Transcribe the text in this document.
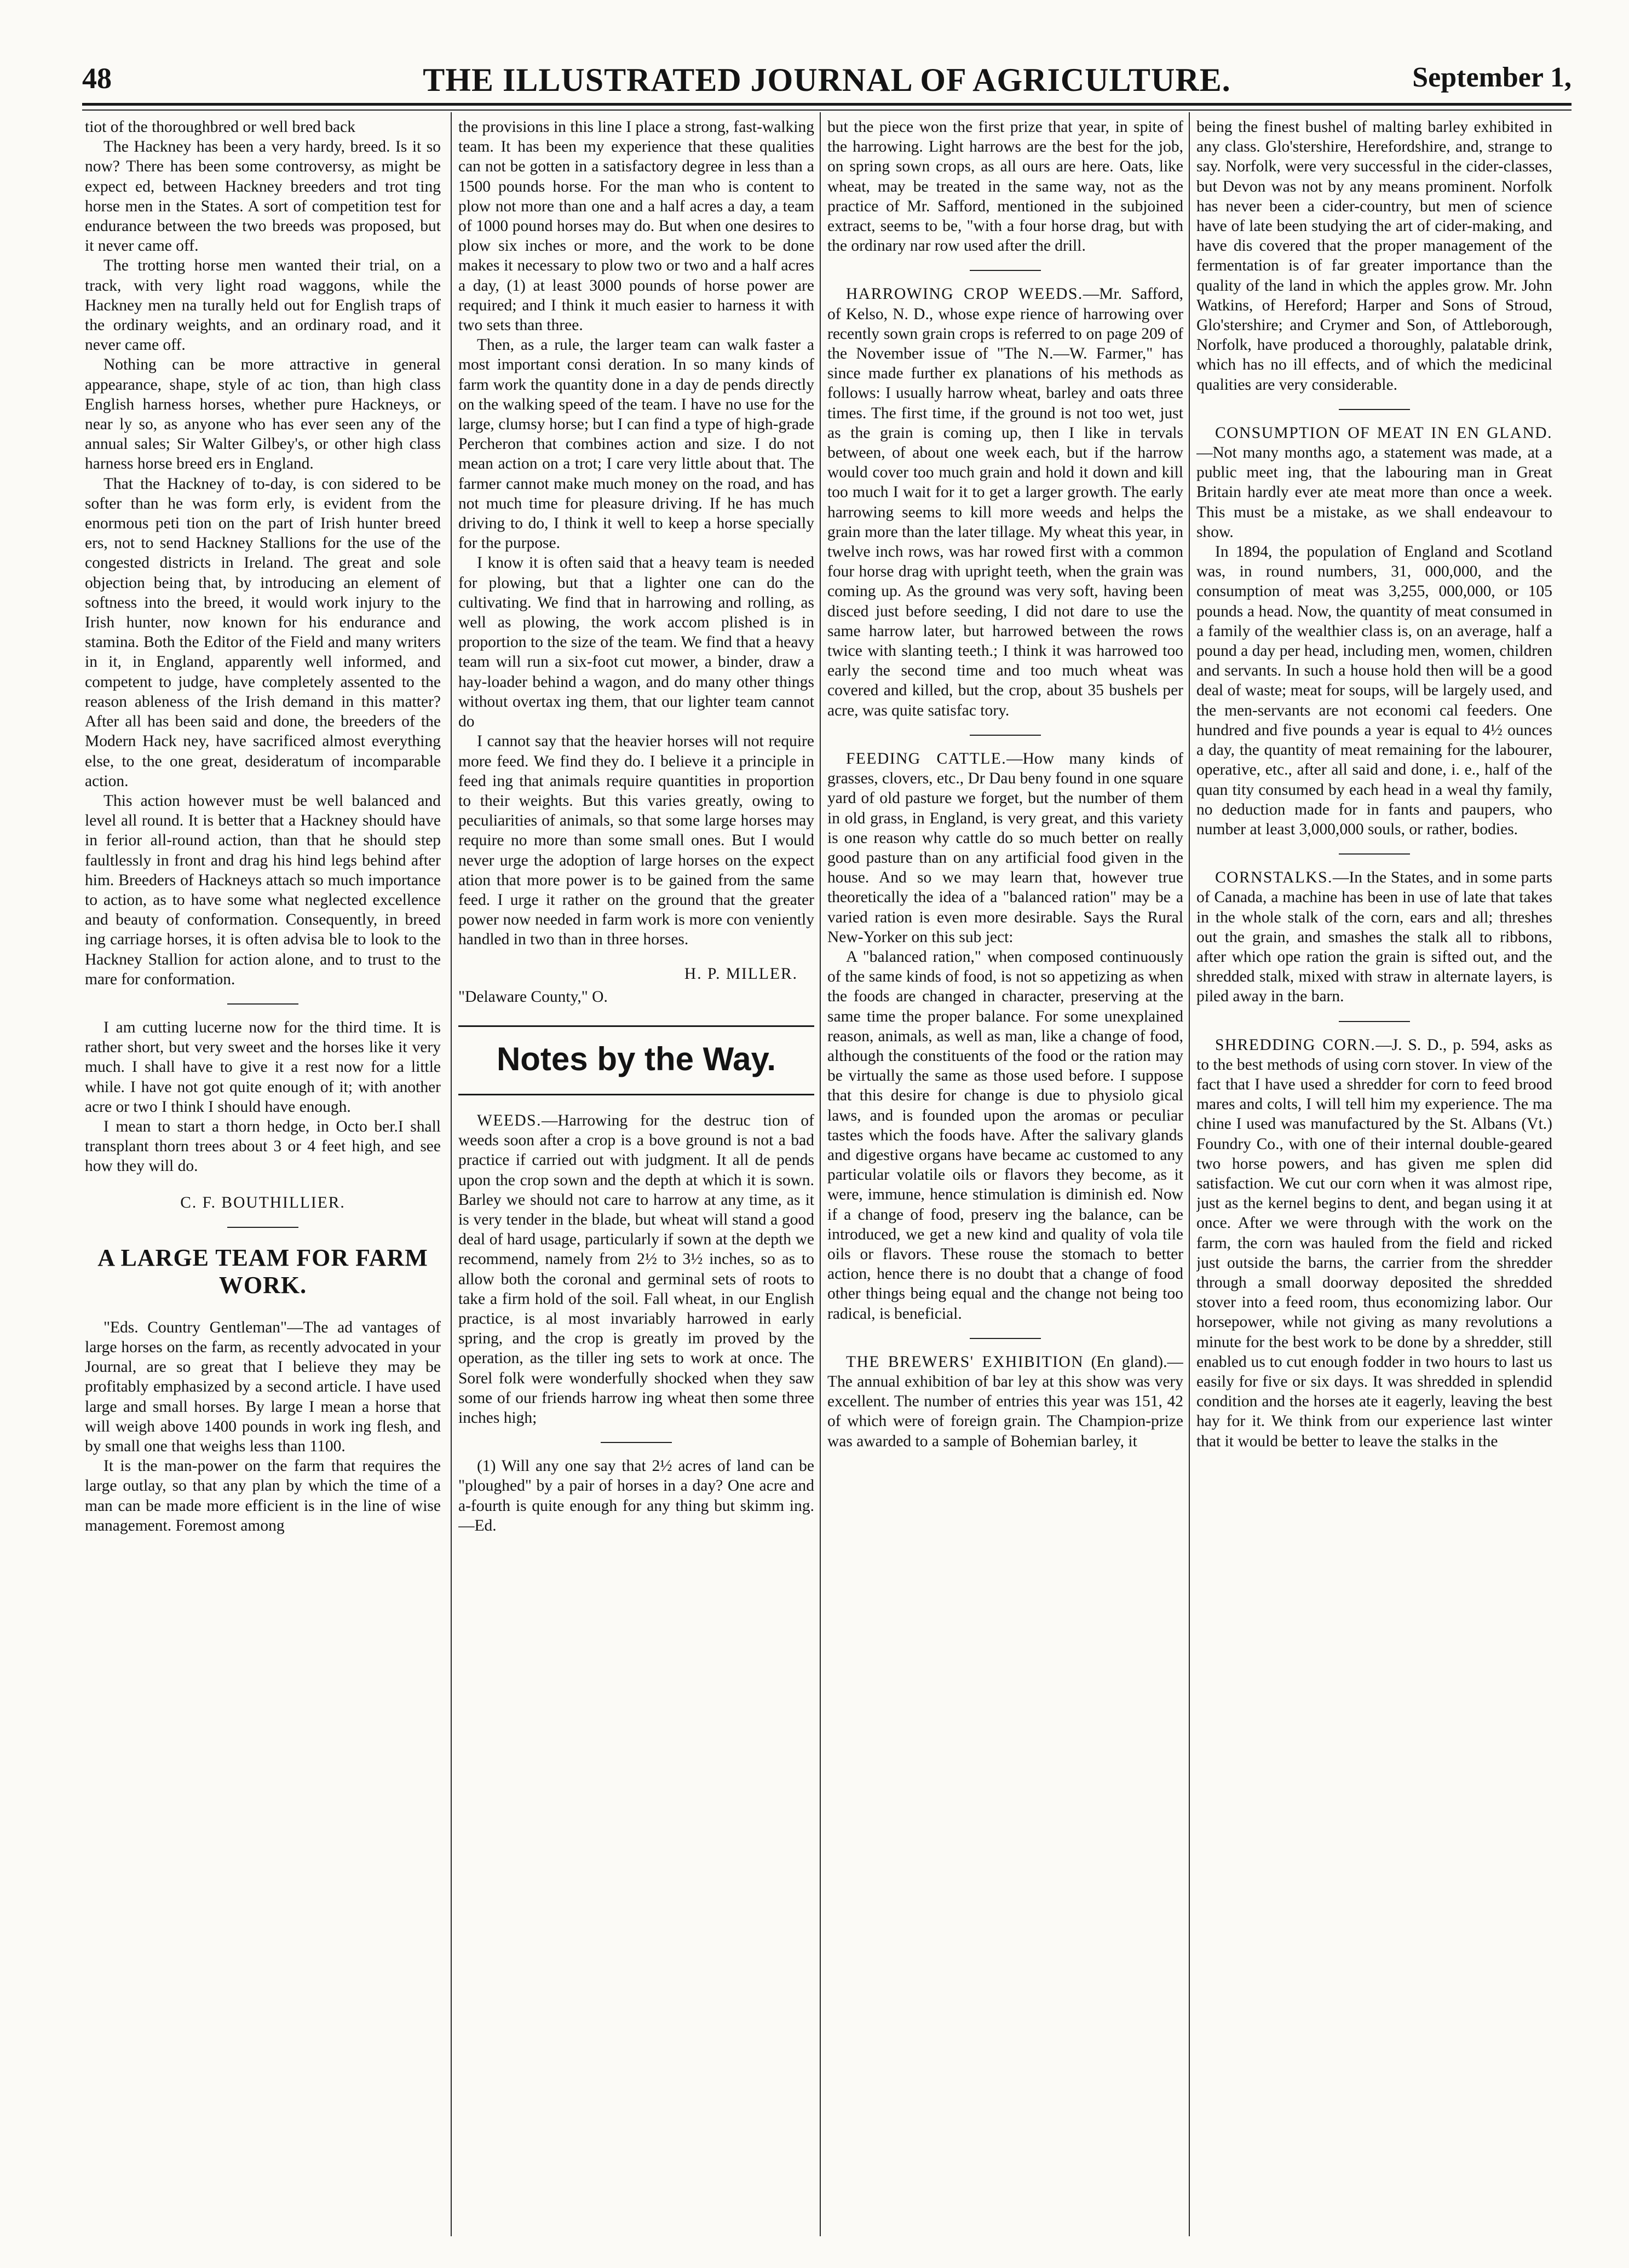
48	THE ILLUSTRATED JOURNAL OF AGRICULTURE.	September 1,

tiot of the thoroughbred or well bred back

The Hackney has been a very hardy, breed. Is it so now? There has been some controversy, as might be expect ed, between Hackney breeders and trot ting horse men in the States. A sort of competition test for endurance between the two breeds was proposed, but it never came off.

The trotting horse men wanted their trial, on a track, with very light road waggons, while the Hackney men na turally held out for English traps of the ordinary weights, and an ordinary road, and it never came off.

Nothing can be more attractive in general appearance, shape, style of ac tion, than high class English harness horses, whether pure Hackneys, or near ly so, as anyone who has ever seen any of the annual sales; Sir Walter Gilbey's, or other high class harness horse breed ers in England.

That the Hackney of to-day, is con sidered to be softer than he was form erly, is evident from the enormous peti tion on the part of Irish hunter breed ers, not to send Hackney Stallions for the use of the congested districts in Ireland. The great and sole objection being that, by introducing an element of softness into the breed, it would work injury to the Irish hunter, now known for his endurance and stamina. Both the Editor of the Field and many writers in it, in England, apparently well informed, and competent to judge, have completely assented to the reason ableness of the Irish demand in this matter? After all has been said and done, the breeders of the Modern Hack ney, have sacrificed almost everything else, to the one great, desideratum of incomparable action.

This action however must be well balanced and level all round. It is better that a Hackney should have in ferior all-round action, than that he should step faultlessly in front and drag his hind legs behind after him. Breeders of Hackneys attach so much importance to action, as to have some what neglected excellence and beauty of conformation. Consequently, in breed ing carriage horses, it is often advisa ble to look to the Hackney Stallion for action alone, and to trust to the mare for conformation.

I am cutting lucerne now for the third time. It is rather short, but very sweet and the horses like it very much. I shall have to give it a rest now for a little while. I have not got quite enough of it; with another acre or two I think I should have enough.

I mean to start a thorn hedge, in Octo ber.I shall transplant thorn trees about 3 or 4 feet high, and see how they will do.

C. F. BOUTHILLIER.
A LARGE TEAM FOR FARM WORK.

"Eds. Country Gentleman"—The ad vantages of large horses on the farm, as recently advocated in your Journal, are so great that I believe they may be profitably emphasized by a second article. I have used large and small horses. By large I mean a horse that will weigh above 1400 pounds in work ing flesh, and by small one that weighs less than 1100.

It is the man-power on the farm that requires the large outlay, so that any plan by which the time of a man can be made more efficient is in the line of wise management. Foremost among

the provisions in this line I place a strong, fast-walking team. It has been my experience that these qualities can not be gotten in a satisfactory degree in less than a 1500 pounds horse. For the man who is content to plow not more than one and a half acres a day, a team of 1000 pound horses may do. But when one desires to plow six inches or more, and the work to be done makes it necessary to plow two or two and a half acres a day, (1) at least 3000 pounds of horse power are required; and I think it much easier to harness it with two sets than three.

Then, as a rule, the larger team can walk faster a most important consi deration. In so many kinds of farm work the quantity done in a day de pends directly on the walking speed of the team. I have no use for the large, clumsy horse; but I can find a type of high-grade Percheron that combines action and size. I do not mean action on a trot; I care very little about that. The farmer cannot make much money on the road, and has not much time for pleasure driving. If he has much driving to do, I think it well to keep a horse specially for the purpose.

I know it is often said that a heavy team is needed for plowing, but that a lighter one can do the cultivating. We find that in harrowing and rolling, as well as plowing, the work accom plished is in proportion to the size of the team. We find that a heavy team will run a six-foot cut mower, a binder, draw a hay-loader behind a wagon, and do many other things without overtax ing them, that our lighter team cannot do

I cannot say that the heavier horses will not require more feed. We find they do. I believe it a principle in feed ing that animals require quantities in proportion to their weights. But this varies greatly, owing to peculiarities of animals, so that some large horses may require no more than some small ones. But I would never urge the adoption of large horses on the expect ation that more power is to be gained from the same feed. I urge it rather on the ground that the greater power now needed in farm work is more con veniently handled in two than in three horses.

H. P. MILLER.
"Delaware County," O.
Notes by the Way.

WEEDS.—Harrowing for the destruc tion of weeds soon after a crop is a bove ground is not a bad practice if carried out with judgment. It all de pends upon the crop sown and the depth at which it is sown. Barley we should not care to harrow at any time, as it is very tender in the blade, but wheat will stand a good deal of hard usage, particularly if sown at the depth we recommend, namely from 2½ to 3½ inches, so as to allow both the coronal and germinal sets of roots to take a firm hold of the soil. Fall wheat, in our English practice, is al most invariably harrowed in early spring, and the crop is greatly im proved by the operation, as the tiller ing sets to work at once. The Sorel folk were wonderfully shocked when they saw some of our friends harrow ing wheat then some three inches high;

(1) Will any one say that 2½ acres of land can be "ploughed" by a pair of horses in a day? One acre and a-fourth is quite enough for any thing but skimm ing.—Ed.

but the piece won the first prize that year, in spite of the harrowing. Light harrows are the best for the job, on spring sown crops, as all ours are here. Oats, like wheat, may be treated in the same way, not as the practice of Mr. Safford, mentioned in the subjoined extract, seems to be, "with a four horse drag, but with the ordinary nar row used after the drill.

HARROWING CROP WEEDS.—Mr. Safford, of Kelso, N. D., whose expe rience of harrowing over recently sown grain crops is referred to on page 209 of the November issue of "The N.—W. Farmer," has since made further ex planations of his methods as follows: I usually harrow wheat, barley and oats three times. The first time, if the ground is not too wet, just as the grain is coming up, then I like in tervals between, of about one week each, but if the harrow would cover too much grain and hold it down and kill too much I wait for it to get a larger growth. The early harrowing seems to kill more weeds and helps the grain more than the later tillage. My wheat this year, in twelve inch rows, was har rowed first with a common four horse drag with upright teeth, when the grain was coming up. As the ground was very soft, having been disced just before seeding, I did not dare to use the same harrow later, but harrowed between the rows twice with slanting teeth.; I think it was harrowed too early the second time and too much wheat was covered and killed, but the crop, about 35 bushels per acre, was quite satisfac tory.

FEEDING CATTLE.—How many kinds of grasses, clovers, etc., Dr Dau beny found in one square yard of old pasture we forget, but the number of them in old grass, in England, is very great, and this variety is one reason why cattle do so much better on really good pasture than on any artificial food given in the house. And so we may learn that, however true theoretically the idea of a "balanced ration" may be a varied ration is even more desirable. Says the Rural New-Yorker on this sub ject:

A "balanced ration," when composed continuously of the same kinds of food, is not so appetizing as when the foods are changed in character, preserving at the same time the proper balance. For some unexplained reason, animals, as well as man, like a change of food, although the constituents of the food or the ration may be virtually the same as those used before. I suppose that this desire for change is due to physiolo gical laws, and is founded upon the aromas or peculiar tastes which the foods have. After the salivary glands and digestive organs have became ac customed to any particular volatile oils or flavors they become, as it were, immune, hence stimulation is diminish ed. Now if a change of food, preserv ing the balance, can be introduced, we get a new kind and quality of vola tile oils or flavors. These rouse the stomach to better action, hence there is no doubt that a change of food other things being equal and the change not being too radical, is beneficial.

THE BREWERS' EXHIBITION (En gland).—The annual exhibition of bar ley at this show was very excellent. The number of entries this year was 151, 42 of which were of foreign grain. The Champion-prize was awarded to a sample of Bohemian barley, it

being the finest bushel of malting barley exhibited in any class. Glo'stershire, Herefordshire, and, strange to say. Norfolk, were very successful in the cider-classes, but Devon was not by any means prominent. Norfolk has never been a cider-country, but men of science have of late been studying the art of cider-making, and have dis covered that the proper management of the fermentation is of far greater importance than the quality of the land in which the apples grow. Mr. John Watkins, of Hereford; Harper and Sons of Stroud, Glo'stershire; and Crymer and Son, of Attleborough, Norfolk, have produced a thoroughly, palatable drink, which has no ill effects, and of which the medicinal qualities are very considerable.

CONSUMPTION OF MEAT IN EN GLAND.—Not many months ago, a statement was made, at a public meet ing, that the labouring man in Great Britain hardly ever ate meat more than once a week. This must be a mistake, as we shall endeavour to show.

In 1894, the population of England and Scotland was, in round numbers, 31, 000,000, and the consumption of meat was 3,255, 000,000, or 105 pounds a head. Now, the quantity of meat consumed in a family of the wealthier class is, on an average, half a pound a day per head, including men, women, children and servants. In such a house hold then will be a good deal of waste; meat for soups, will be largely used, and the men-servants are not economi cal feeders. One hundred and five pounds a year is equal to 4½ ounces a day, the quantity of meat remaining for the labourer, operative, etc., after all said and done, i. e., half of the quan tity consumed by each head in a weal thy family, no deduction made for in fants and paupers, who number at least 3,000,000 souls, or rather, bodies.

CORNSTALKS.—In the States, and in some parts of Canada, a machine has been in use of late that takes in the whole stalk of the corn, ears and all; threshes out the grain, and smashes the stalk all to ribbons, after which ope ration the grain is sifted out, and the shredded stalk, mixed with straw in alternate layers, is piled away in the barn.

SHREDDING CORN.—J. S. D., p. 594, asks as to the best methods of using corn stover. In view of the fact that I have used a shredder for corn to feed brood mares and colts, I will tell him my experience. The ma chine I used was manufactured by the St. Albans (Vt.) Foundry Co., with one of their internal double-geared two horse powers, and has given me splen did satisfaction. We cut our corn when it was almost ripe, just as the kernel begins to dent, and began using it at once. After we were through with the work on the farm, the corn was hauled from the field and ricked just outside the barns, the carrier from the shredder through a small doorway deposited the shredded stover into a feed room, thus economizing labor. Our horsepower, while not giving as many revolutions a minute for the best work to be done by a shredder, still enabled us to cut enough fodder in two hours to last us easily for five or six days. It was shredded in splendid condition and the horses ate it eagerly, leaving the best hay for it. We think from our experience last winter that it would be better to leave the stalks in the
